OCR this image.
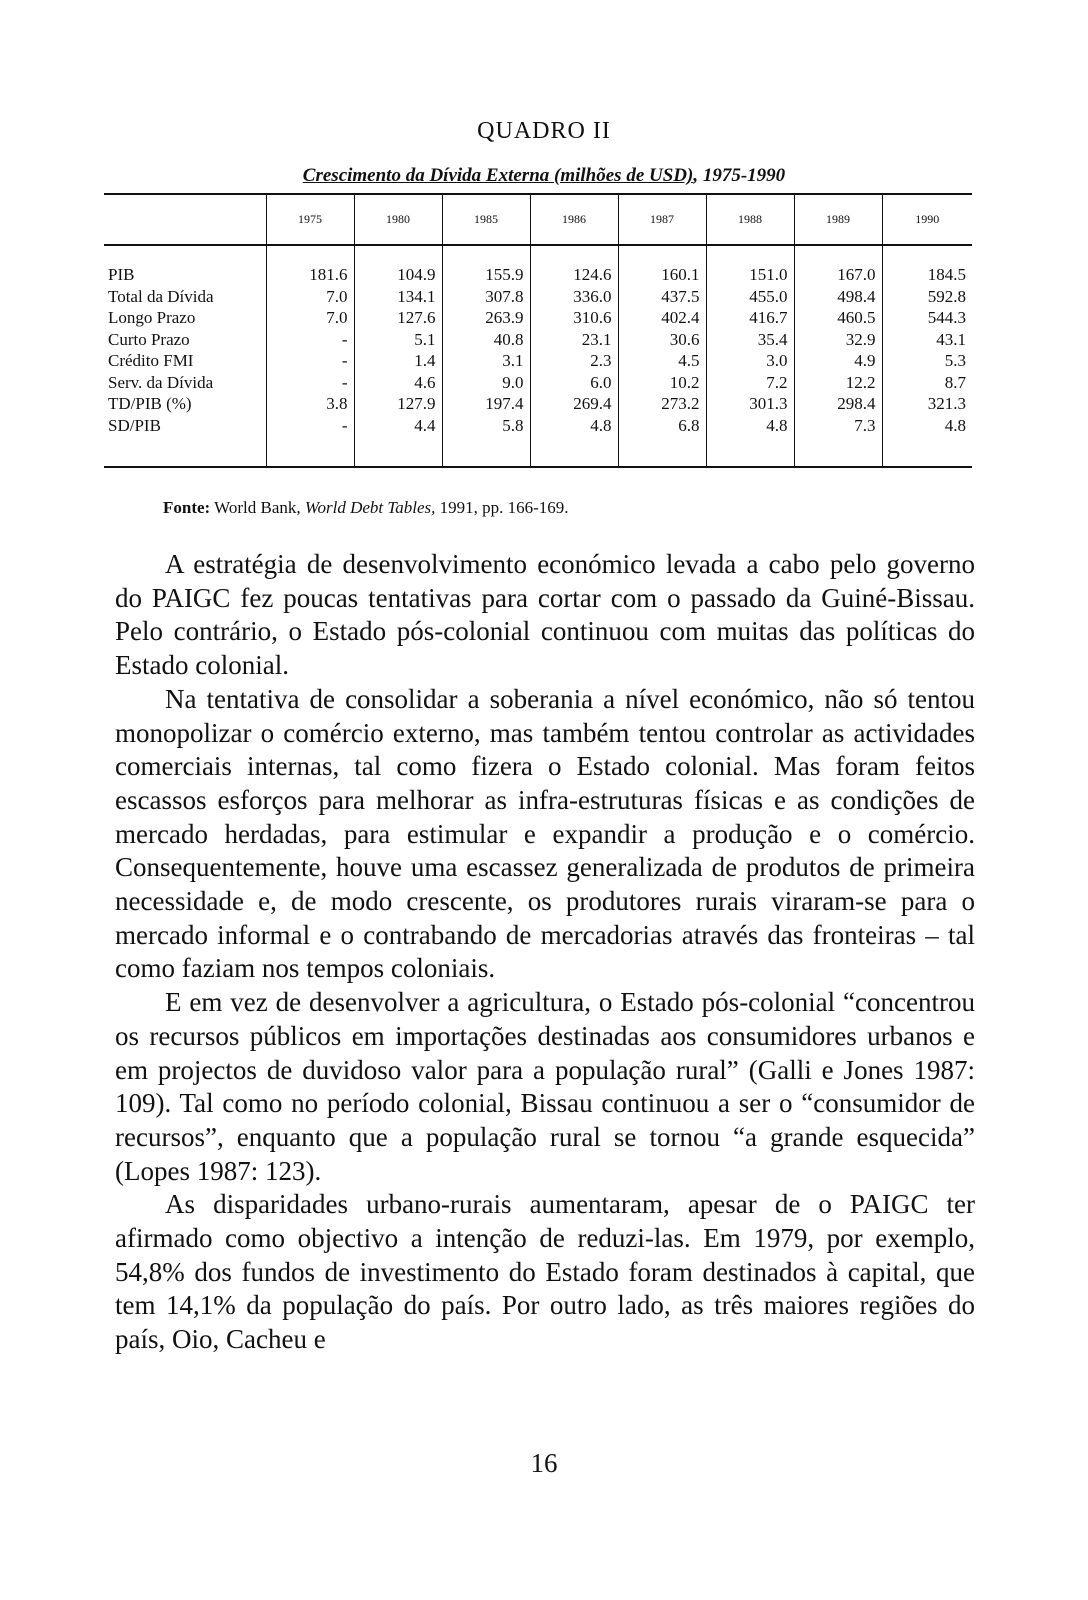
QUADRO II
Crescimento da Dívida Externa (milhões de USD), 1975-1990
	1975	1980	1985	1986	1987	1988	1989	1990

PIB	181.6	104.9	155.9	124.6	160.1	151.0	167.0	184.5
Total da Dívida	7.0	134.1	307.8	336.0	437.5	455.0	498.4	592.8
Longo Prazo	7.0	127.6	263.9	310.6	402.4	416.7	460.5	544.3
Curto Prazo	-	5.1	40.8	23.1	30.6	35.4	32.9	43.1
Crédito FMI	-	1.4	3.1	2.3	4.5	3.0	4.9	5.3
Serv. da Dívida	-	4.6	9.0	6.0	10.2	7.2	12.2	8.7
TD/PIB (%)	3.8	127.9	197.4	269.4	273.2	301.3	298.4	321.3
SD/PIB	-	4.4	5.8	4.8	6.8	4.8	7.3	4.8
Fonte: World Bank, World Debt Tables, 1991, pp. 166-169.

A estratégia de desenvolvimento económico levada a cabo pelo governo do PAIGC fez poucas tentativas para cortar com o passado da Guiné-Bissau. Pelo contrário, o Estado pós-colonial continuou com muitas das políticas do Estado colonial.

Na tentativa de consolidar a soberania a nível económico, não só tentou monopolizar o comércio externo, mas também tentou controlar as actividades comerciais internas, tal como fizera o Estado colonial. Mas foram feitos escassos esforços para melhorar as infra-estruturas físicas e as condições de mercado herdadas, para estimular e expandir a produção e o comércio. Consequentemente, houve uma escassez generalizada de produtos de primeira necessidade e, de modo crescente, os produtores rurais viraram-se para o mercado informal e o contrabando de mercadorias através das fronteiras – tal como faziam nos tempos coloniais.

E em vez de desenvolver a agricultura, o Estado pós-colonial “concentrou os recursos públicos em importações destinadas aos consumidores urbanos e em projectos de duvidoso valor para a população rural” (Galli e Jones 1987: 109). Tal como no período colonial, Bissau continuou a ser o “consumidor de recursos”, enquanto que a população rural se tornou “a grande esquecida” (Lopes 1987: 123).

As disparidades urbano-rurais aumentaram, apesar de o PAIGC ter afirmado como objectivo a intenção de reduzi-las. Em 1979, por exemplo, 54,8% dos fundos de investimento do Estado foram destinados à capital, que tem 14,1% da população do país. Por outro lado, as três maiores regiões do país, Oio, Cacheu e

16
